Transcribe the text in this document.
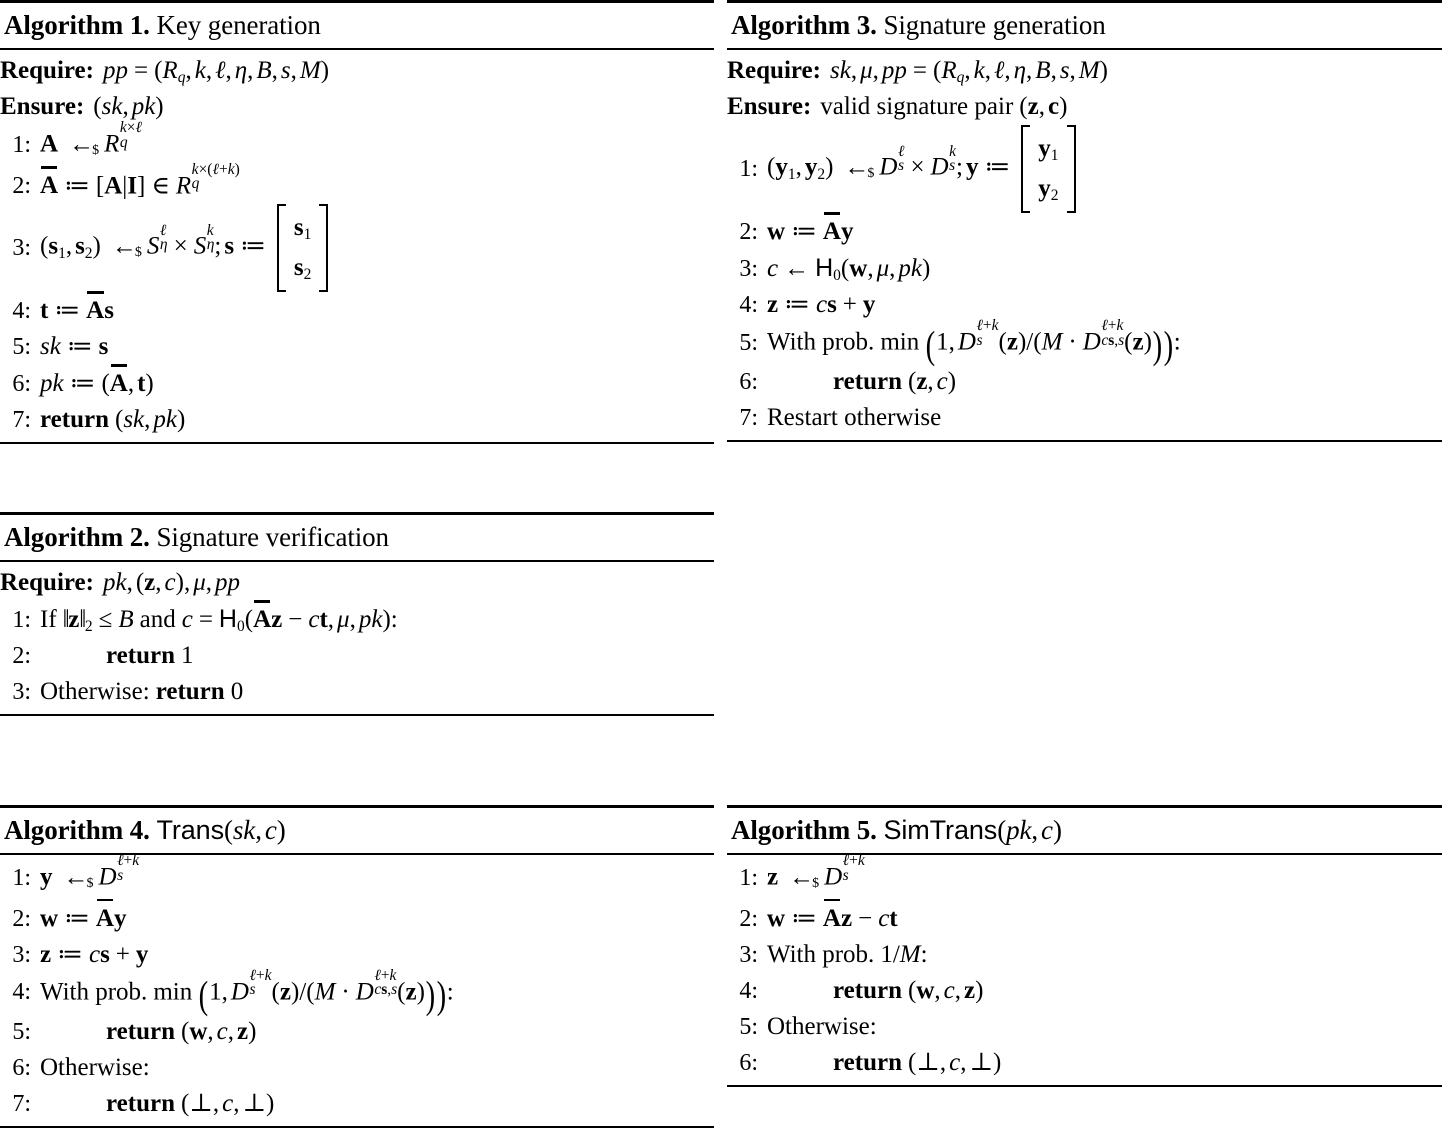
Algorithm 1. Key generation
Require: pp = ($R_q$, k, ℓ, η, B, s, M)
Ensure: (sk, pk)
1: A ←$ R
k×ℓ
q
2: A ≔ [A|I] ∈ R
k×(ℓ+k)
q
3: ($s_1$, $s_2$) ←$ S
ℓ
η × S
k
η ; s ≔
$s_1$
$s_2$
4: t ≔ As
5: sk ≔ s
6: pk ≔ (A, t)
7: return (sk, pk)
Algorithm 2. Signature verification
Require: pk, (z, c), μ, pp
1: If $‖z‖_2 \le B$ and $c = H_0(Az$ − ct, μ, pk):
2:	return 1
3: Otherwise: return 0
Algorithm 3. Signature generation
Require: sk, μ, pp = ($R_q$, k, ℓ, η, B, s, M)
Ensure: valid signature pair (z, c)
1: ($y_1$, $y_2$) ←$ D
ℓ
s × D
k
s ; y ≔
$y_1$
$y_2$
2: w ≔ Ay
3: c ← $H_0(w$, μ, pk)
4: z ≔ cs + y
5: With prob. min (1, D
ℓ+k
s (z)/(M · D
ℓ+k
cs,s (z))):
6:	return (z, c)
7: Restart otherwise
Algorithm 4. Trans(sk, c)
1: y ←$ D
ℓ+k
s
2: w ≔ Ay
3: z ≔ cs + y
4: With prob. min (1, D
ℓ+k
s (z)/(M · D
ℓ+k
cs,s (z))):
5:	return (w, c, z)
6: Otherwise:
7:	return (⊥, c, ⊥)
Algorithm 5. SimTrans(pk, c)
1: z ←$ D
ℓ+k
s
2: w ≔ Az − ct
3: With prob. 1/M:
4:	return (w, c, z)
5: Otherwise:
6:	return (⊥, c, ⊥)
